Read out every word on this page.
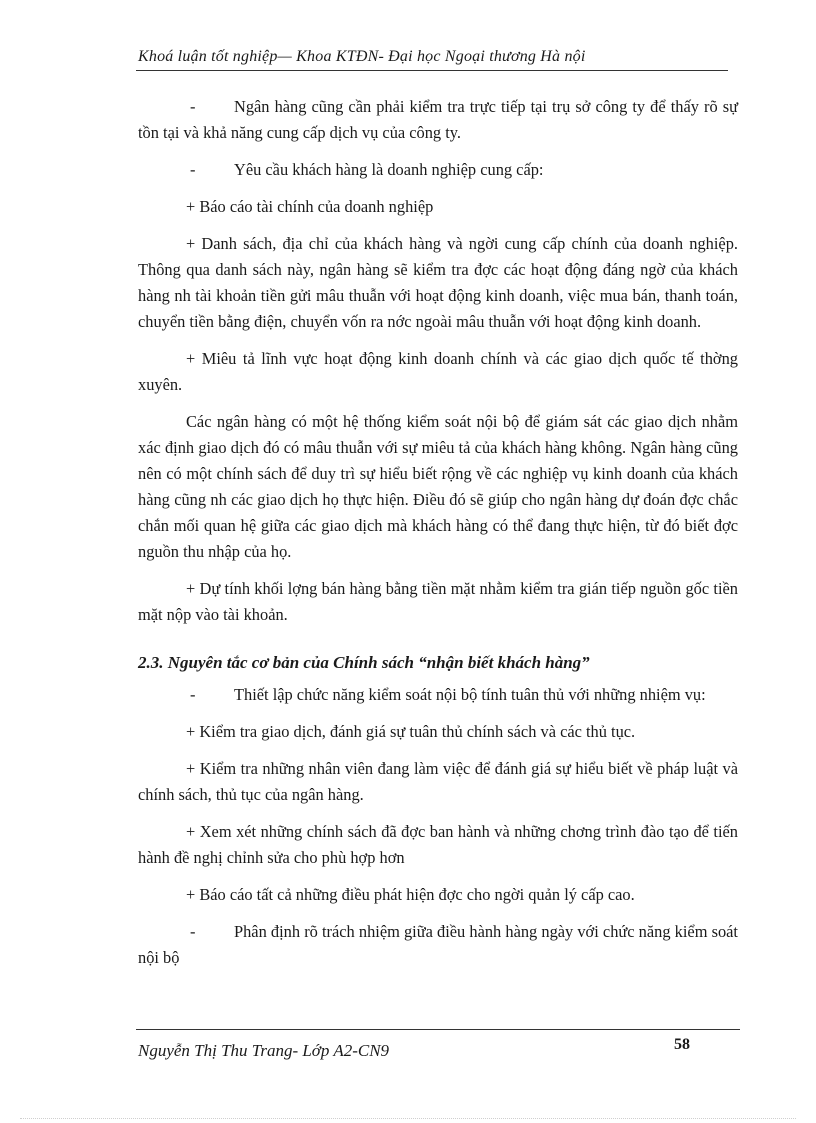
Khoá luận tốt nghiệp— Khoa KTĐN- Đại học Ngoại thương Hà nội

- Ngân hàng cũng cần phải kiểm tra trực tiếp tại trụ sở công ty để thấy rõ sự tồn tại và khả năng cung cấp dịch vụ của công ty.

- Yêu cầu khách hàng là doanh nghiệp cung cấp:

+ Báo cáo tài chính của doanh nghiệp

+ Danh sách, địa chỉ của khách hàng và ngời cung cấp chính của doanh nghiệp. Thông qua danh sách này, ngân hàng sẽ kiểm tra đợc các hoạt động đáng ngờ của khách hàng nh tài khoản tiền gửi mâu thuẫn với hoạt động kinh doanh, việc mua bán, thanh toán, chuyển tiền bằng điện, chuyển vốn ra nớc ngoài mâu thuẫn với hoạt động kinh doanh.

+ Miêu tả lĩnh vực hoạt động kinh doanh chính và các giao dịch quốc tế thờng xuyên.

Các ngân hàng có một hệ thống kiểm soát nội bộ để giám sát các giao dịch nhằm xác định giao dịch đó có mâu thuẫn với sự miêu tả của khách hàng không. Ngân hàng cũng nên có một chính sách để duy trì sự hiểu biết rộng về các nghiệp vụ kinh doanh của khách hàng cũng nh các giao dịch họ thực hiện. Điều đó sẽ giúp cho ngân hàng dự đoán đợc chắc chắn mối quan hệ giữa các giao dịch mà khách hàng có thể đang thực hiện, từ đó biết đợc nguồn thu nhập của họ.

+ Dự tính khối lợng bán hàng bằng tiền mặt nhằm kiểm tra gián tiếp nguồn gốc tiền mặt nộp vào tài khoản.

2.3. Nguyên tắc cơ bản của Chính sách “nhận biết khách hàng”

- Thiết lập chức năng kiểm soát nội bộ tính tuân thủ với những nhiệm vụ:

+ Kiểm tra giao dịch, đánh giá sự tuân thủ chính sách và các thủ tục.

+ Kiểm tra những nhân viên đang làm việc để đánh giá sự hiểu biết về pháp luật và chính sách, thủ tục của ngân hàng.

+ Xem xét những chính sách đã đợc ban hành và những chơng trình đào tạo để tiến hành đề nghị chỉnh sửa cho phù hợp hơn

+ Báo cáo tất cả những điều phát hiện đợc cho ngời quản lý cấp cao.

- Phân định rõ trách nhiệm giữa điều hành hàng ngày với chức năng kiểm soát nội bộ

Nguyễn Thị Thu Trang- Lớp A2-CN9	58
